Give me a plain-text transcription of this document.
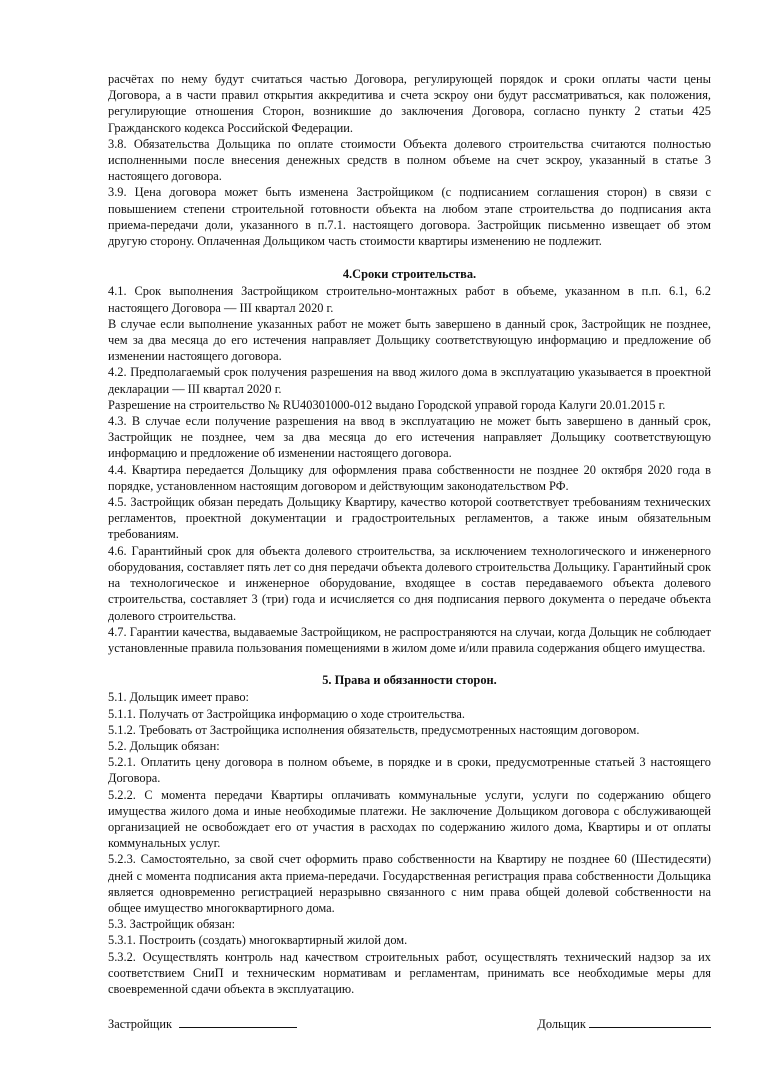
расчётах по нему будут считаться частью Договора, регулирующей порядок и сроки оплаты части цены Договора, а в части правил открытия аккредитива и счета эскроу они будут рассматриваться, как положения, регулирующие отношения Сторон, возникшие до заключения Договора, согласно пункту 2 статьи 425 Гражданского кодекса Российской Федерации.

3.8. Обязательства Дольщика по оплате стоимости Объекта долевого строительства считаются полностью исполненными после внесения денежных средств в полном объеме на счет эскроу, указанный в статье 3 настоящего договора.

3.9. Цена договора может быть изменена Застройщиком (с подписанием соглашения сторон) в связи с повышением степени строительной готовности объекта на любом этапе строительства до подписания акта приема-передачи доли, указанного в п.7.1. настоящего договора. Застройщик письменно извещает об этом другую сторону. Оплаченная Дольщиком часть стоимости квартиры изменению не подлежит.

4.Сроки строительства.

4.1. Срок выполнения Застройщиком строительно-монтажных работ в объеме, указанном в п.п. 6.1, 6.2 настоящего Договора — III квартал 2020 г.

В случае если выполнение указанных работ не может быть завершено в данный срок, Застройщик не позднее, чем за два месяца до его истечения направляет Дольщику соответствующую информацию и предложение об изменении настоящего договора.

4.2. Предполагаемый срок получения разрешения на ввод жилого дома в эксплуатацию указывается в проектной декларации — III квартал 2020 г.

Разрешение на строительство № RU40301000-012 выдано Городской управой города Калуги 20.01.2015 г.

4.3. В случае если получение разрешения на ввод в эксплуатацию не может быть завершено в данный срок, Застройщик не позднее, чем за два месяца до его истечения направляет Дольщику соответствующую информацию и предложение об изменении настоящего договора.

4.4. Квартира передается Дольщику для оформления права собственности не позднее 20 октября 2020 года в порядке, установленном настоящим договором и действующим законодательством РФ.

4.5. Застройщик обязан передать Дольщику Квартиру, качество которой соответствует требованиям технических регламентов, проектной документации и градостроительных регламентов, а также иным обязательным требованиям.

4.6. Гарантийный срок для объекта долевого строительства, за исключением технологического и инженерного оборудования, составляет пять лет со дня передачи объекта долевого строительства Дольщику. Гарантийный срок на технологическое и инженерное оборудование, входящее в состав передаваемого объекта долевого строительства, составляет 3 (три) года и исчисляется со дня подписания первого документа о передаче объекта долевого строительства.

4.7. Гарантии качества, выдаваемые Застройщиком, не распространяются на случаи, когда Дольщик не соблюдает установленные правила пользования помещениями в жилом доме и/или правила содержания общего имущества.

5. Права и обязанности сторон.

5.1. Дольщик имеет право:

5.1.1. Получать от Застройщика информацию о ходе строительства.

5.1.2. Требовать от Застройщика исполнения обязательств, предусмотренных настоящим договором.

5.2. Дольщик обязан:

5.2.1. Оплатить цену договора в полном объеме, в порядке и в сроки, предусмотренные статьей 3 настоящего Договора.

5.2.2. С момента передачи Квартиры оплачивать коммунальные услуги, услуги по содержанию общего имущества жилого дома и иные необходимые платежи. Не заключение Дольщиком договора с обслуживающей организацией не освобождает его от участия в расходах по содержанию жилого дома, Квартиры и от оплаты коммунальных услуг.

5.2.3. Самостоятельно, за свой счет оформить право собственности на Квартиру не позднее 60 (Шестидесяти) дней с момента подписания акта приема-передачи. Государственная регистрация права собственности Дольщика является одновременно регистрацией неразрывно связанного с ним права общей долевой собственности на общее имущество многоквартирного дома.

5.3. Застройщик обязан:

5.3.1. Построить (создать) многоквартирный жилой дом.

5.3.2. Осуществлять контроль над качеством строительных работ, осуществлять технический надзор за их соответствием СниП и техническим нормативам и регламентам, принимать все необходимые меры для своевременной сдачи объекта в эксплуатацию.

Застройщик	Дольщик
